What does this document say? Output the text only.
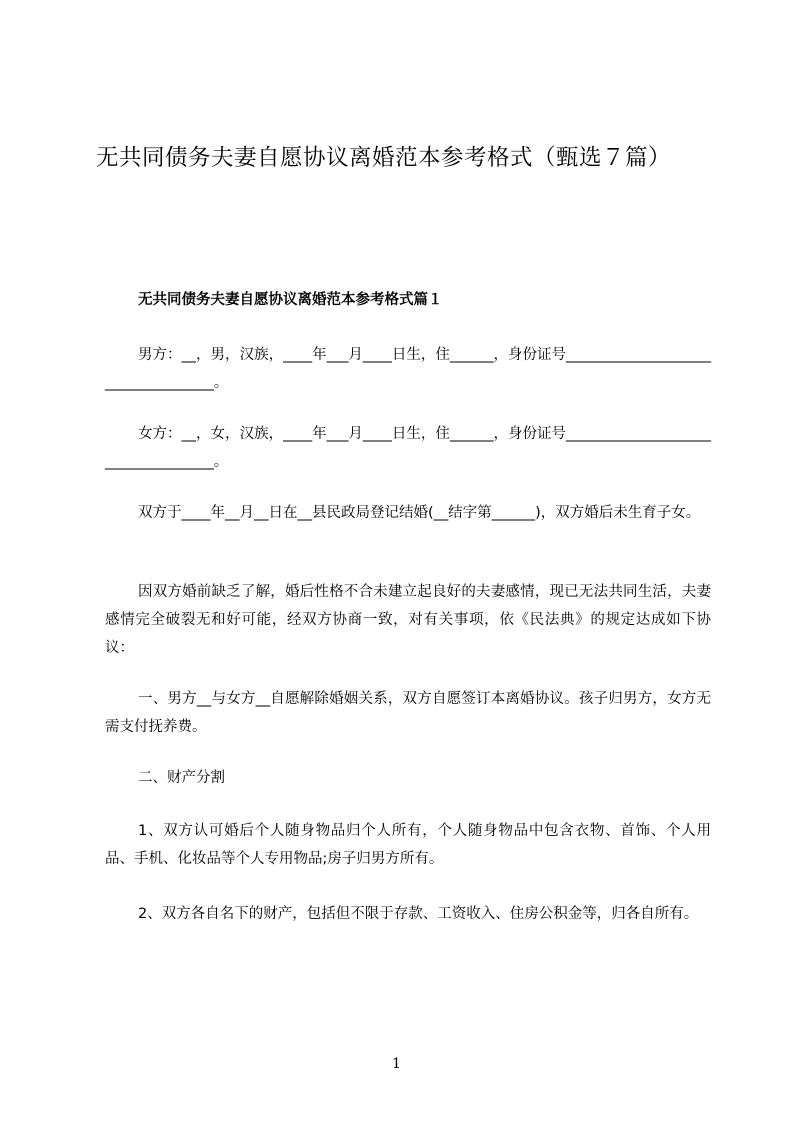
无共同债务夫妻自愿协议离婚范本参考格式（甄选７篇）
无共同债务夫妻自愿协议离婚范本参考格式篇１

男方：__，男，汉族，____年___月____日生，住______，身份证号___________________________________。

女方：__，女，汉族，____年___月____日生，住______，身份证号___________________________________。

双方于____年__月__日在__县民政局登记结婚(__结字第______)，双方婚后未生育子女。

因双方婚前缺乏了解，婚后性格不合未建立起良好的夫妻感情，现已无法共同生活，夫妻感情完全破裂无和好可能，经双方协商一致，对有关事项，依《民法典》的规定达成如下协议：

一、男方__与女方__自愿解除婚姻关系，双方自愿签订本离婚协议。孩子归男方，女方无需支付抚养费。

二、财产分割

1、双方认可婚后个人随身物品归个人所有，个人随身物品中包含衣物、首饰、个人用品、手机、化妆品等个人专用物品;房子归男方所有。

2、双方各自名下的财产，包括但不限于存款、工资收入、住房公积金等，归各自所有。

1
